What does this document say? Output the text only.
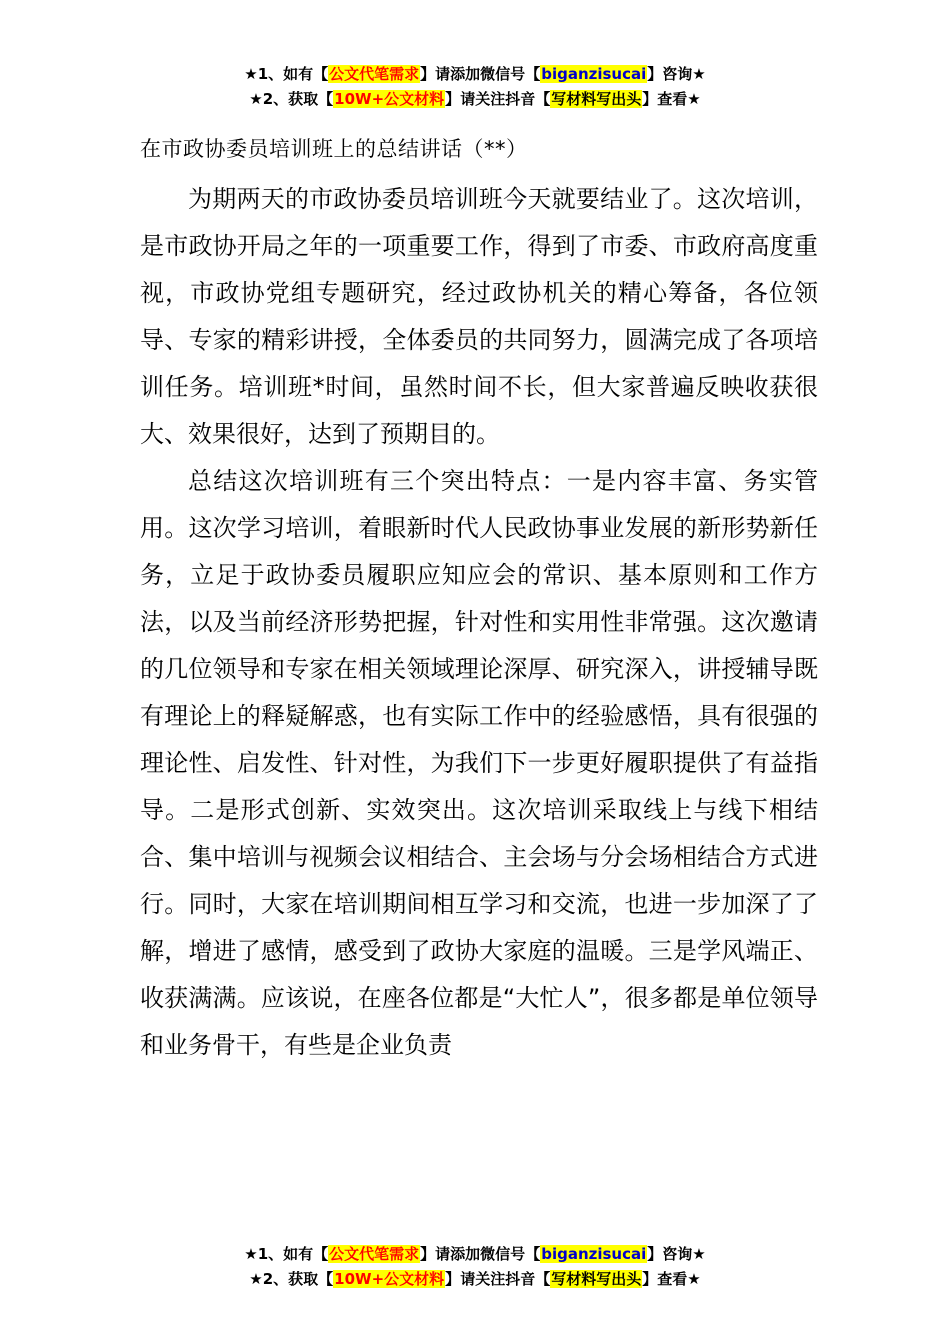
★1、如有【公文代笔需求】请添加微信号【biganzisucai】咨询★
★2、获取【10W+公文材料】请关注抖音【写材料写出头】查看★
在市政协委员培训班上的总结讲话（**）

为期两天的市政协委员培训班今天就要结业了。这次培训，是市政协开局之年的一项重要工作，得到了市委、市政府高度重视，市政协党组专题研究，经过政协机关的精心筹备，各位领导、专家的精彩讲授，全体委员的共同努力，圆满完成了各项培训任务。培训班*时间，虽然时间不长，但大家普遍反映收获很大、效果很好，达到了预期目的。

总结这次培训班有三个突出特点：一是内容丰富、务实管用。这次学习培训，着眼新时代人民政协事业发展的新形势新任务，立足于政协委员履职应知应会的常识、基本原则和工作方法，以及当前经济形势把握，针对性和实用性非常强。这次邀请的几位领导和专家在相关领域理论深厚、研究深入，讲授辅导既有理论上的释疑解惑，也有实际工作中的经验感悟，具有很强的理论性、启发性、针对性，为我们下一步更好履职提供了有益指导。二是形式创新、实效突出。这次培训采取线上与线下相结合、集中培训与视频会议相结合、主会场与分会场相结合方式进行。同时，大家在培训期间相互学习和交流，也进一步加深了了解，增进了感情，感受到了政协大家庭的温暖。三是学风端正、收获满满。应该说，在座各位都是“大忙人”，很多都是单位领导和业务骨干，有些是企业负责

★1、如有【公文代笔需求】请添加微信号【biganzisucai】咨询★
★2、获取【10W+公文材料】请关注抖音【写材料写出头】查看★
